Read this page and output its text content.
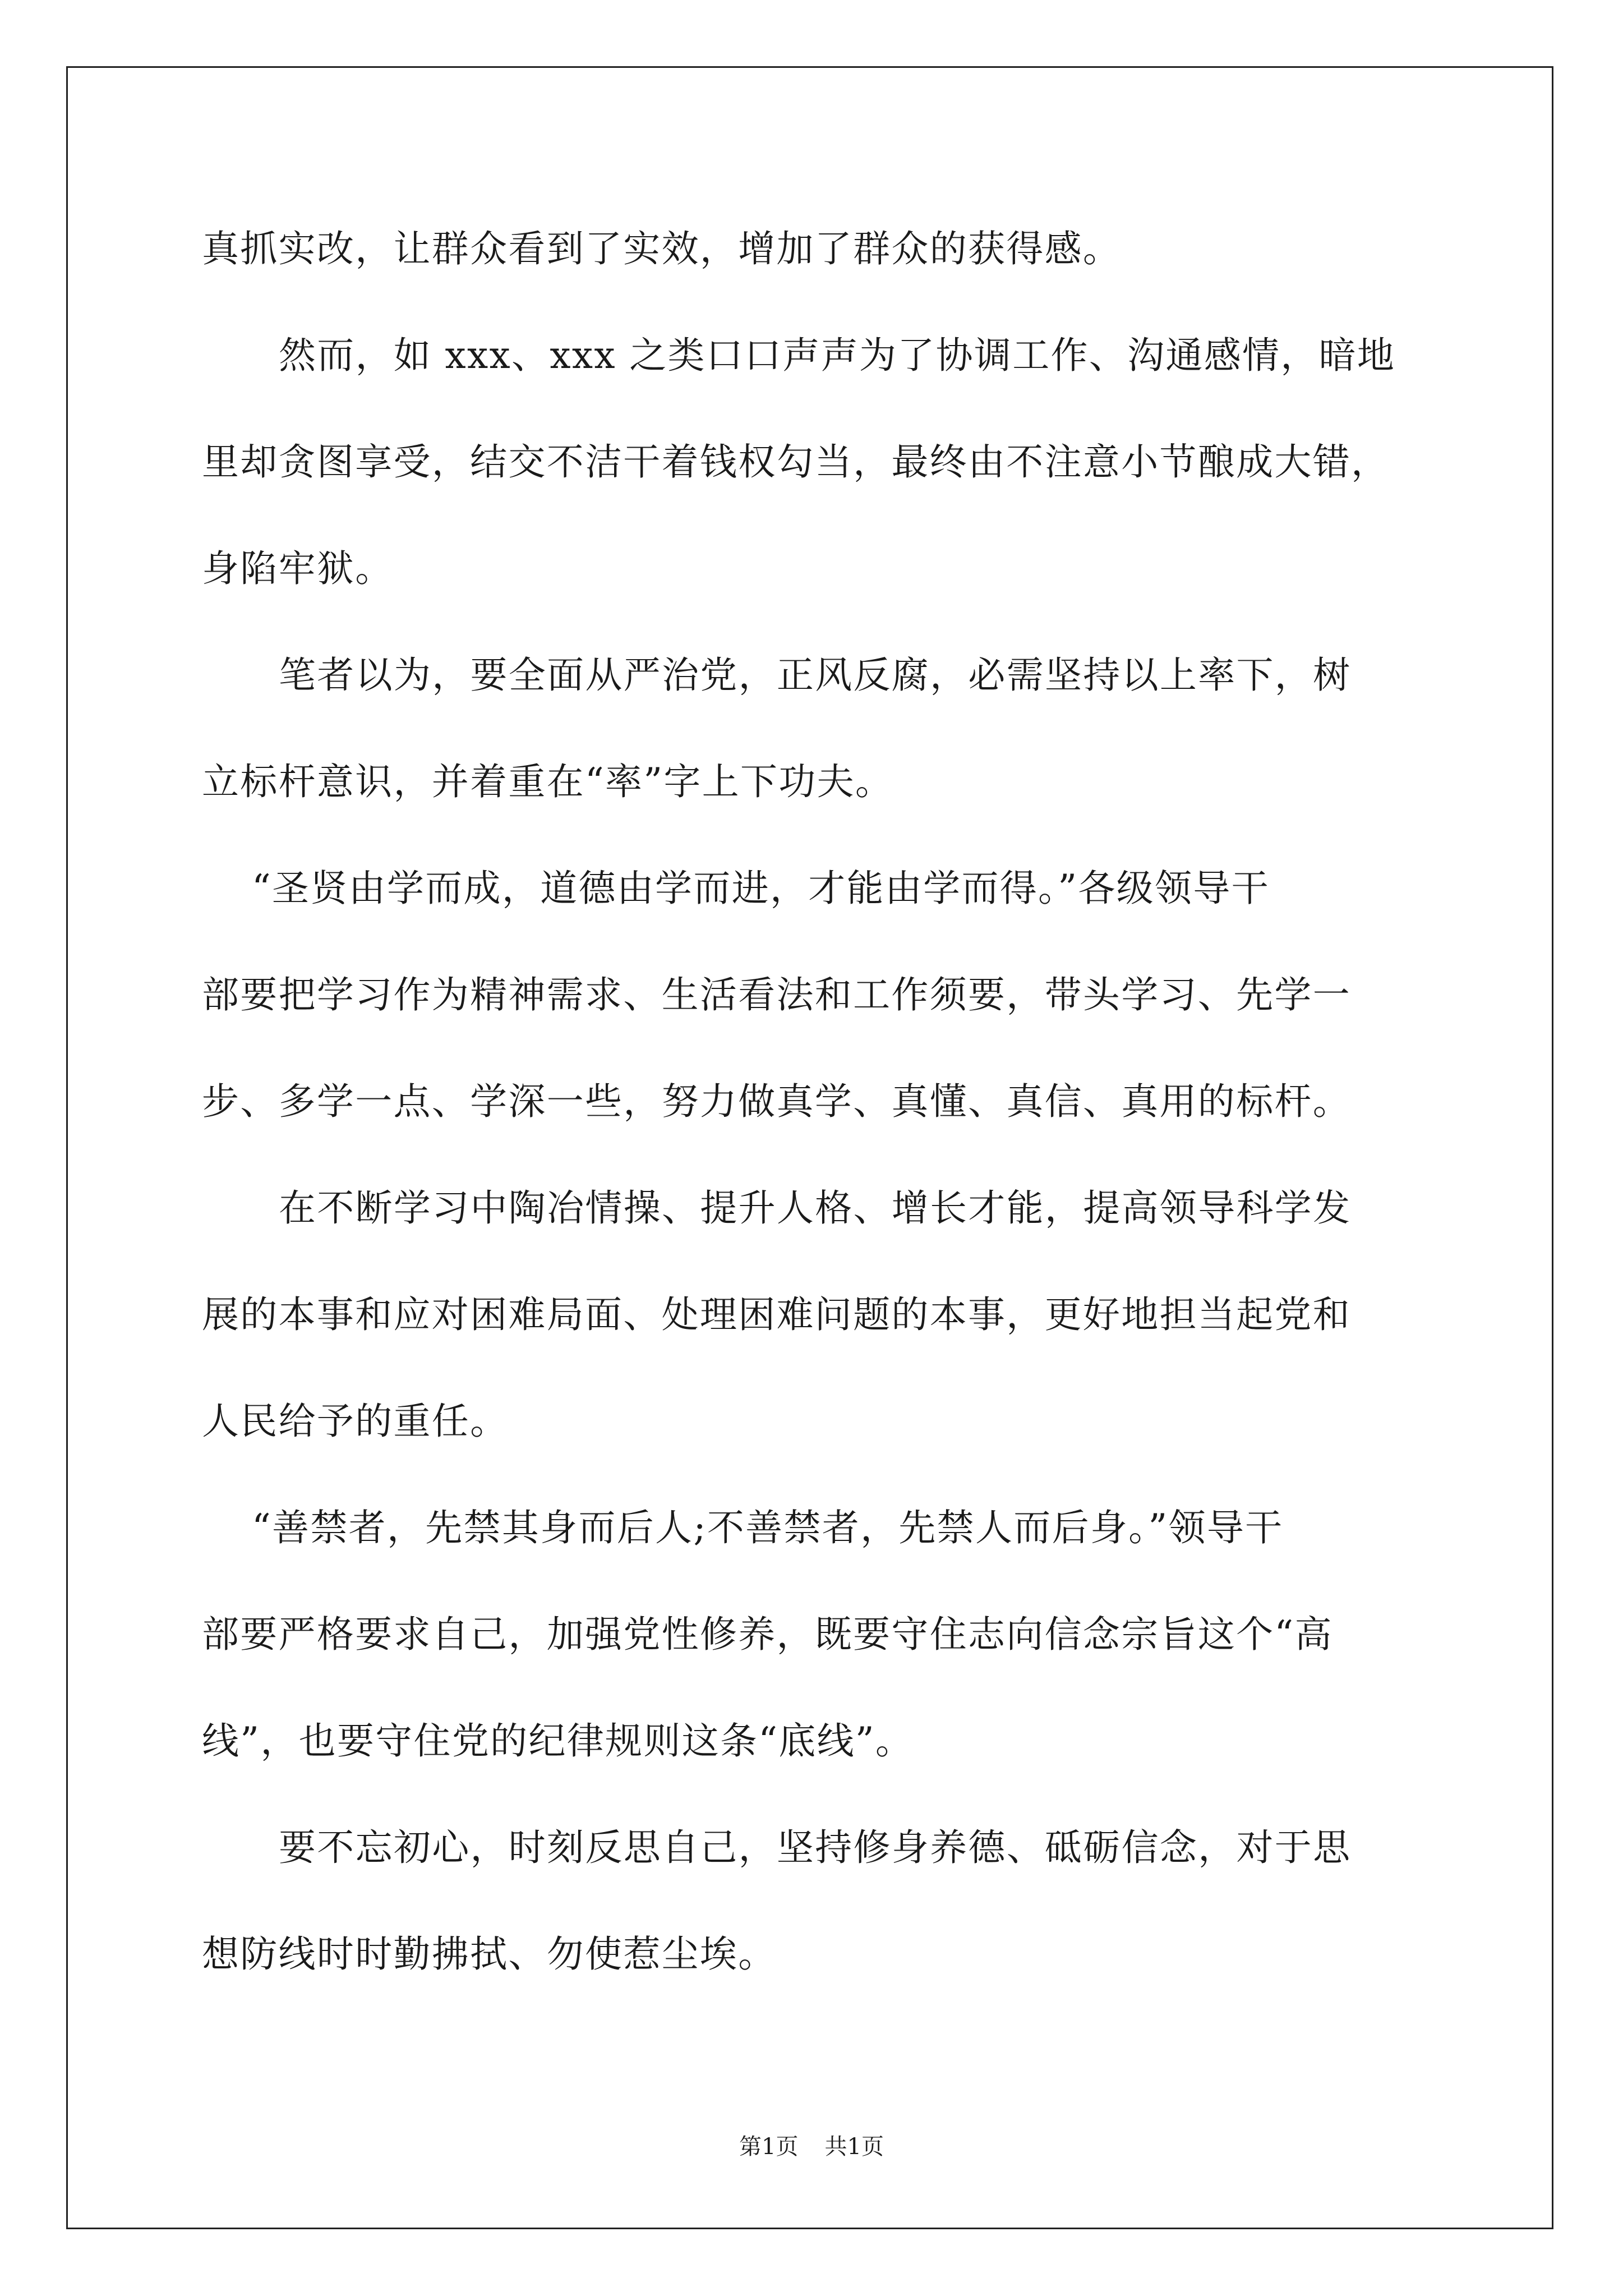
真抓实改，让群众看到了实效，增加了群众的获得感。
然而，如 xxx、xxx 之类口口声声为了协调工作、沟通感情，暗地
里却贪图享受，结交不洁干着钱权勾当，最终由不注意小节酿成大错，
身陷牢狱。
笔者以为，要全面从严治党，正风反腐，必需坚持以上率下，树
立标杆意识，并着重在“率”字上下功夫。
“圣贤由学而成，道德由学而进，才能由学而得。”各级领导干
部要把学习作为精神需求、生活看法和工作须要，带头学习、先学一
步、多学一点、学深一些，努力做真学、真懂、真信、真用的标杆。
在不断学习中陶冶情操、提升人格、增长才能，提高领导科学发
展的本事和应对困难局面、处理困难问题的本事，更好地担当起党和
人民给予的重任。
“善禁者，先禁其身而后人;不善禁者，先禁人而后身。”领导干
部要严格要求自己，加强党性修养，既要守住志向信念宗旨这个“高
线”，也要守住党的纪律规则这条“底线”。
要不忘初心，时刻反思自己，坚持修身养德、砥砺信念，对于思
想防线时时勤拂拭、勿使惹尘埃。
第1页 共1页
